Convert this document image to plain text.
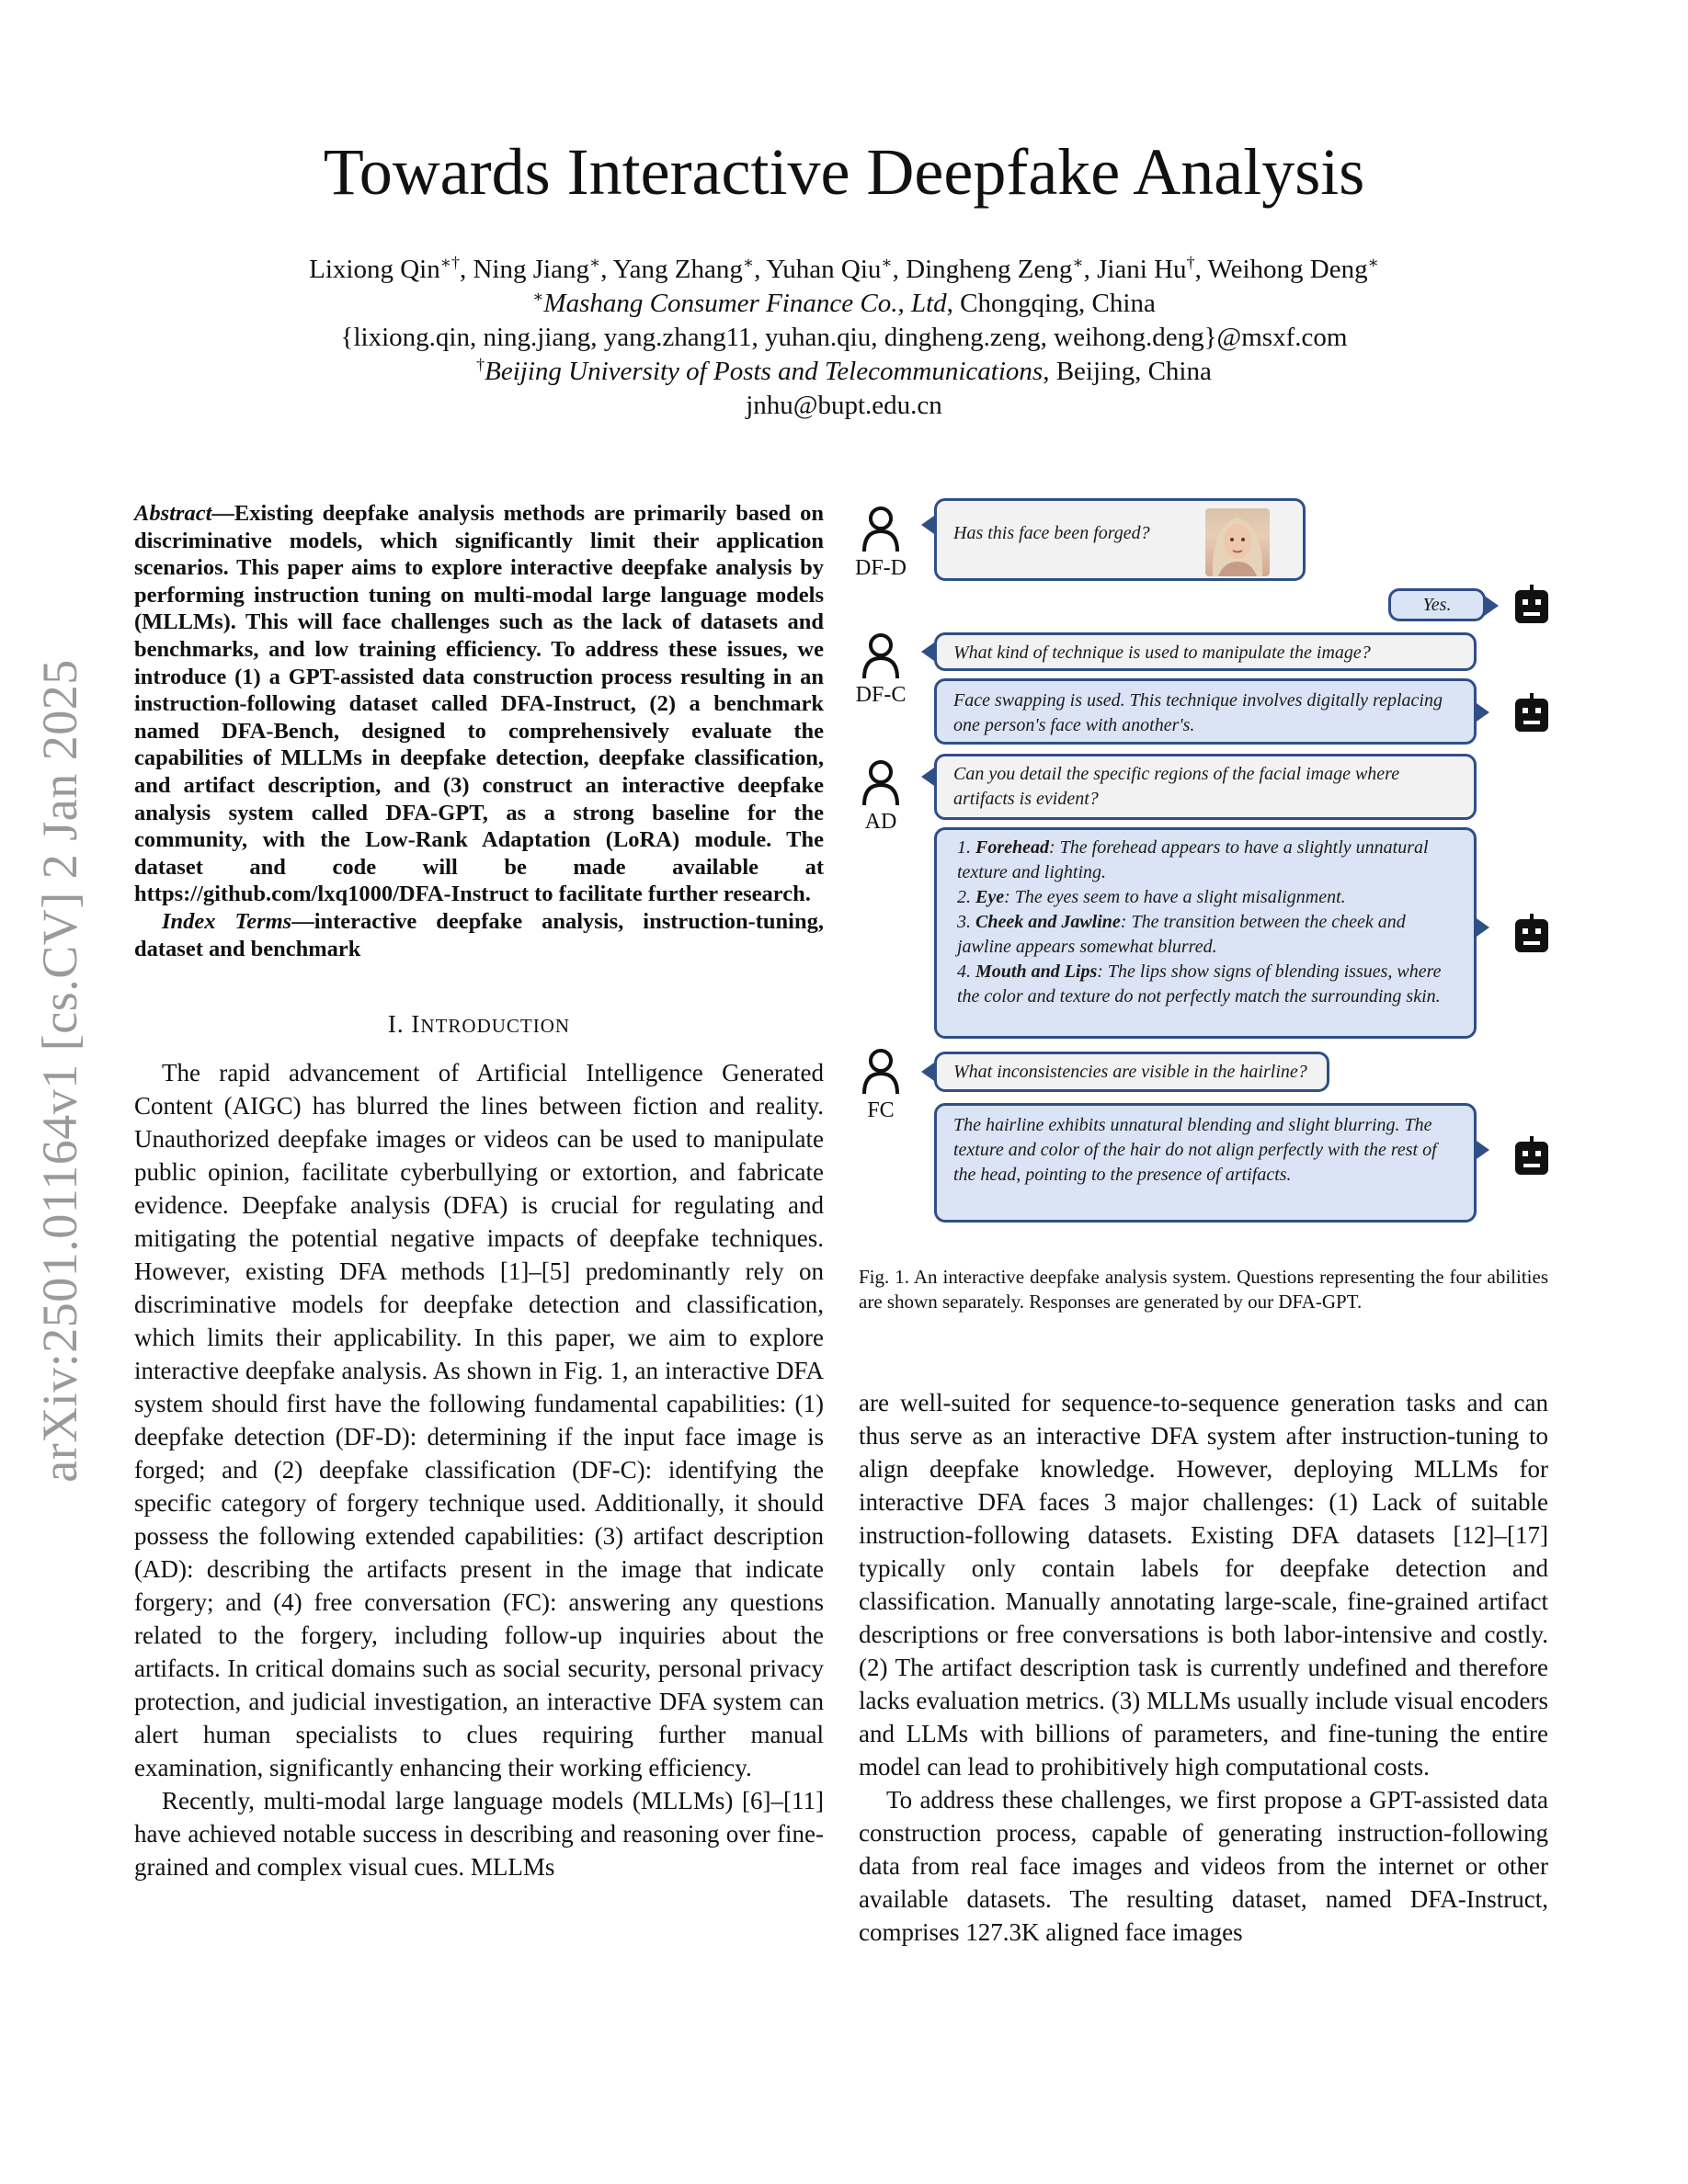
arXiv:2501.01164v1 [cs.CV] 2 Jan 2025
Towards Interactive Deepfake Analysis
Lixiong Qin∗†, Ning Jiang∗, Yang Zhang∗, Yuhan Qiu∗, Dingheng Zeng∗, Jiani Hu†, Weihong Deng∗
∗Mashang Consumer Finance Co., Ltd, Chongqing, China
{lixiong.qin, ning.jiang, yang.zhang11, yuhan.qiu, dingheng.zeng, weihong.deng}@msxf.com
†Beijing University of Posts and Telecommunications, Beijing, China
jnhu@bupt.edu.cn
Abstract—Existing deepfake analysis methods are primarily based on discriminative models, which significantly limit their application scenarios. This paper aims to explore interactive deepfake analysis by performing instruction tuning on multi-modal large language models (MLLMs). This will face challenges such as the lack of datasets and benchmarks, and low training efficiency. To address these issues, we introduce (1) a GPT-assisted data construction process resulting in an instruction-following dataset called DFA-Instruct, (2) a benchmark named DFA-Bench, designed to comprehensively evaluate the capabilities of MLLMs in deepfake detection, deepfake classification, and artifact description, and (3) construct an interactive deepfake analysis system called DFA-GPT, as a strong baseline for the community, with the Low-Rank Adaptation (LoRA) module. The dataset and code will be made available at https://github.com/lxq1000/DFA-Instruct to facilitate further research.
Index Terms—interactive deepfake analysis, instruction-tuning, dataset and benchmark
I. INTRODUCTION

The rapid advancement of Artificial Intelligence Generated Content (AIGC) has blurred the lines between fiction and reality. Unauthorized deepfake images or videos can be used to manipulate public opinion, facilitate cyberbullying or extortion, and fabricate evidence. Deepfake analysis (DFA) is crucial for regulating and mitigating the potential negative impacts of deepfake techniques. However, existing DFA methods [1]–[5] predominantly rely on discriminative models for deepfake detection and classification, which limits their applicability. In this paper, we aim to explore interactive deepfake analysis. As shown in Fig. 1, an interactive DFA system should first have the following fundamental capabilities: (1) deepfake detection (DF-D): determining if the input face image is forged; and (2) deepfake classification (DF-C): identifying the specific category of forgery technique used. Additionally, it should possess the following extended capabilities: (3) artifact description (AD): describing the artifacts present in the image that indicate forgery; and (4) free conversation (FC): answering any questions related to the forgery, including follow-up inquiries about the artifacts. In critical domains such as social security, personal privacy protection, and judicial investigation, an interactive DFA system can alert human specialists to clues requiring further manual examination, significantly enhancing their working efficiency.

Recently, multi-modal large language models (MLLMs) [6]–[11] have achieved notable success in describing and reasoning over fine-grained and complex visual cues. MLLMs

DF-D
Has this face been forged?
Yes.
DF-C
What kind of technique is used to manipulate the image?
Face swapping is used. This technique involves digitally replacing one person's face with another's.
AD
Can you detail the specific regions of the facial image where artifacts is evident?
1. Forehead: The forehead appears to have a slightly unnatural texture and lighting.
2. Eye: The eyes seem to have a slight misalignment.
3. Cheek and Jawline: The transition between the cheek and jawline appears somewhat blurred.
4. Mouth and Lips: The lips show signs of blending issues, where the color and texture do not perfectly match the surrounding skin.
FC
What inconsistencies are visible in the hairline?
The hairline exhibits unnatural blending and slight blurring. The texture and color of the hair do not align perfectly with the rest of the head, pointing to the presence of artifacts.
Fig. 1. An interactive deepfake analysis system. Questions representing the four abilities are shown separately. Responses are generated by our DFA-GPT.

are well-suited for sequence-to-sequence generation tasks and can thus serve as an interactive DFA system after instruction-tuning to align deepfake knowledge. However, deploying MLLMs for interactive DFA faces 3 major challenges: (1) Lack of suitable instruction-following datasets. Existing DFA datasets [12]–[17] typically only contain labels for deepfake detection and classification. Manually annotating large-scale, fine-grained artifact descriptions or free conversations is both labor-intensive and costly. (2) The artifact description task is currently undefined and therefore lacks evaluation metrics. (3) MLLMs usually include visual encoders and LLMs with billions of parameters, and fine-tuning the entire model can lead to prohibitively high computational costs.

To address these challenges, we first propose a GPT-assisted data construction process, capable of generating instruction-following data from real face images and videos from the internet or other available datasets. The resulting dataset, named DFA-Instruct, comprises 127.3K aligned face images
